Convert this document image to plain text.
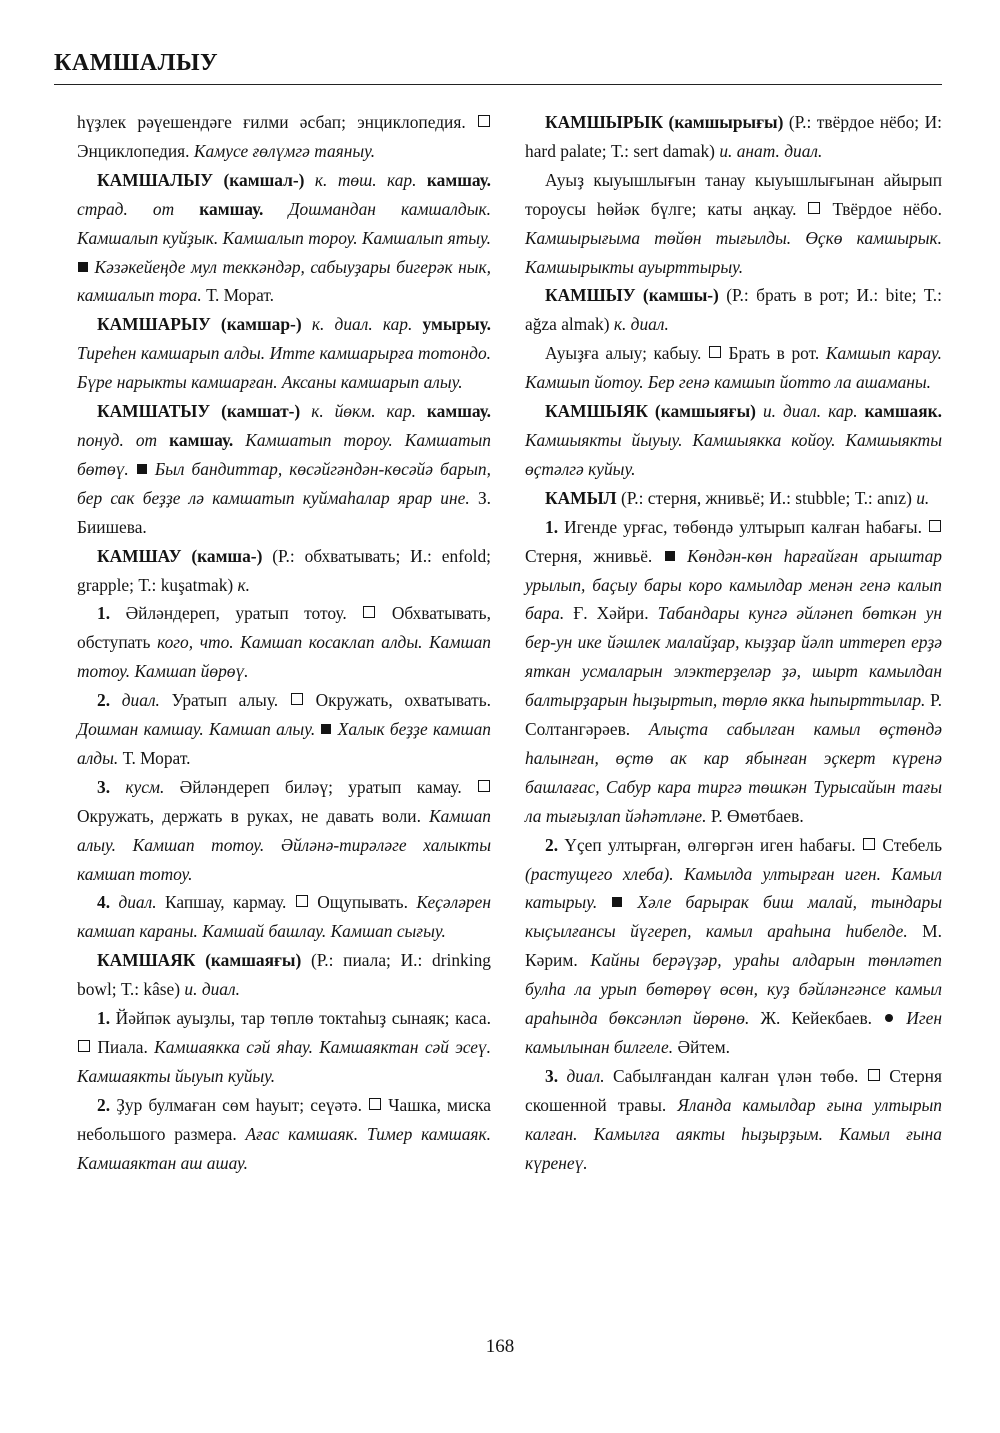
КАМШАЛЫУ

һүҙлек рәүешендәге ғилми әсбап; энциклопедия.  Энциклопедия. Камусе ғөлүмгә таяныу.

КАМШАЛЫУ (камшал-) к. төш. кар. камшау. страд. от камшау. Дошмандан камшалдык. Камшалып куйҙык. Камшалып тороу. Камшалып ятыу.  Кәзәкейеңде мул теккәндәр, сабыуҙары бигерәк нык, камшалып тора. Т. Морат.

КАМШАРЫУ (камшар-) к. диал. кар. умырыу. Тиреһен камшарып алды. Итте камшарырға тотондо. Бүре нарыкты камшарған. Аксаны камшарып алыу.

КАМШАТЫУ (камшат-) к. йөкм. кар. камшау. понуд. от камшау. Камшатып тороу. Камшатып бөтөү. Был бандиттар, көсәйгәндән-көсәйә барып, бер сак беҙҙе лә камшатып куймаһалар ярар ине. З. Биишева.

КАМШАУ (камша-) (Р.: обхватывать; И.: enfold; grapple; Т.: kuşatmak) к.

1. Әйләндереп, уратып тотоу.	Обхватывать, обступать кого, что. Камшап косаклап алды. Камшап тотоу. Камшап йөрөү.

2. диал. Уратып алыу. Окружать, охватывать. Дошман камшау. Камшап алыу. Халык беҙҙе камшап алды. Т. Морат.

3. кусм. Әйләндереп биләү; уратып камау.  Окружать, держать в руках, не давать воли. Камшап алыу. Камшап тотоу. Әйләнә-тирәләге халыкты камшап тотоу.

4. диал. Капшау, кармау. Ощупывать. Кеҫәләрен камшап караны. Камшай башлау. Камшап сығыу.

КАМШАЯК (камшаяғы) (Р.: пиала; И.: drinking bowl; Т.: kâse) и. диал.

1. Йәйпәк ауыҙлы, тар төплө токтаһыҙ сынаяк; каса.  Пиала. Камшаякка сәй яһау. Камшаяктан сәй эсеү. Камшаякты йыуып куйыу.

2. Ҙур булмаған сөм һауыт; сеүәтә. Чашка, миска небольшого размера. Ағас камшаяк. Тимер камшаяк. Камшаяктан аш ашау.

КАМШЫРЫК (камшырығы) (Р.: твёрдое нёбо; И: hard palate; Т.: sert damak) и. анат. диал.

Ауыҙ кыуышлығын танау кыуышлығынан айырып тороусы һөйәк бүлге; каты аңкау. Твёрдое нёбо. Камшырығыма төйөн тығылды. Өҫкө камшырык. Камшырыкты ауырттырыу.

КАМШЫУ (камшы-) (Р.: брать в рот; И.: bite; Т.: ağza almak) к. диал.

Ауыҙға алыу; кабыу. Брать в рот. Камшып карау. Камшып йотоу. Бер генә камшып йотто ла ашаманы.

КАМШЫЯК (камшыяғы) и. диал. кар. камшаяк. Камшыякты йыуыу. Камшыякка койоу. Камшыякты өҫтәлгә куйыу.

КАМЫЛ (Р.: стерня, жнивьё; И.: stubble; Т.: anız) и.

1. Игенде урғас, төбөндә ултырып калған һабағы.  Стерня, жнивьё. Көндән-көн һарғайған арыштар урылып, баҫыу бары коро камылдар менән генә калып бара. Ғ. Хәйри. Табандары кунгә әйләнеп бөткән ун бер-ун ике йәшлек малайҙар, кыҙҙар йәлп иттереп ерҙә яткан усмаларын элэктерҙеләр ҙә, шырт камылдан балтырҙарын һыҙыртып, төрлө якка һыпырттылар. Р. Солтангәрәев. Алыҫта сабылған камыл өҫтөндә һалынған, өҫтө ак кар ябынған эҫкерт күренә башлағас, Сабур кара тиргә төшкән Турысайын тағы ла тығыҙлап йәһәтләне. Р. Өмөтбаев.

2. Үҫеп ултырған, өлгөргән иген һабағы. Стебель (растущего хлеба). Камылда ултырған иген. Камыл катырыу. Хәле барырак биш малай, тындары кыҫылғансы йүгереп, камыл араһына һибелде. М. Кәрим. Кайны берәүҙәр, ураһы алдарын төнләтеп булһа ла урып бөтөрөү өсөн, куҙ бәйләнгәнсе камыл араһында бөксәнләп йөрөнө. Ж. Кейекбаев. Иген камылынан билгеле. Әйтем.

3. диал. Сабылғандан калған үлән төбө. Стерня скошенной травы. Яланда камылдар ғына ултырып калған. Камылға аякты һыҙырҙым. Камыл ғына күренеү.

168
